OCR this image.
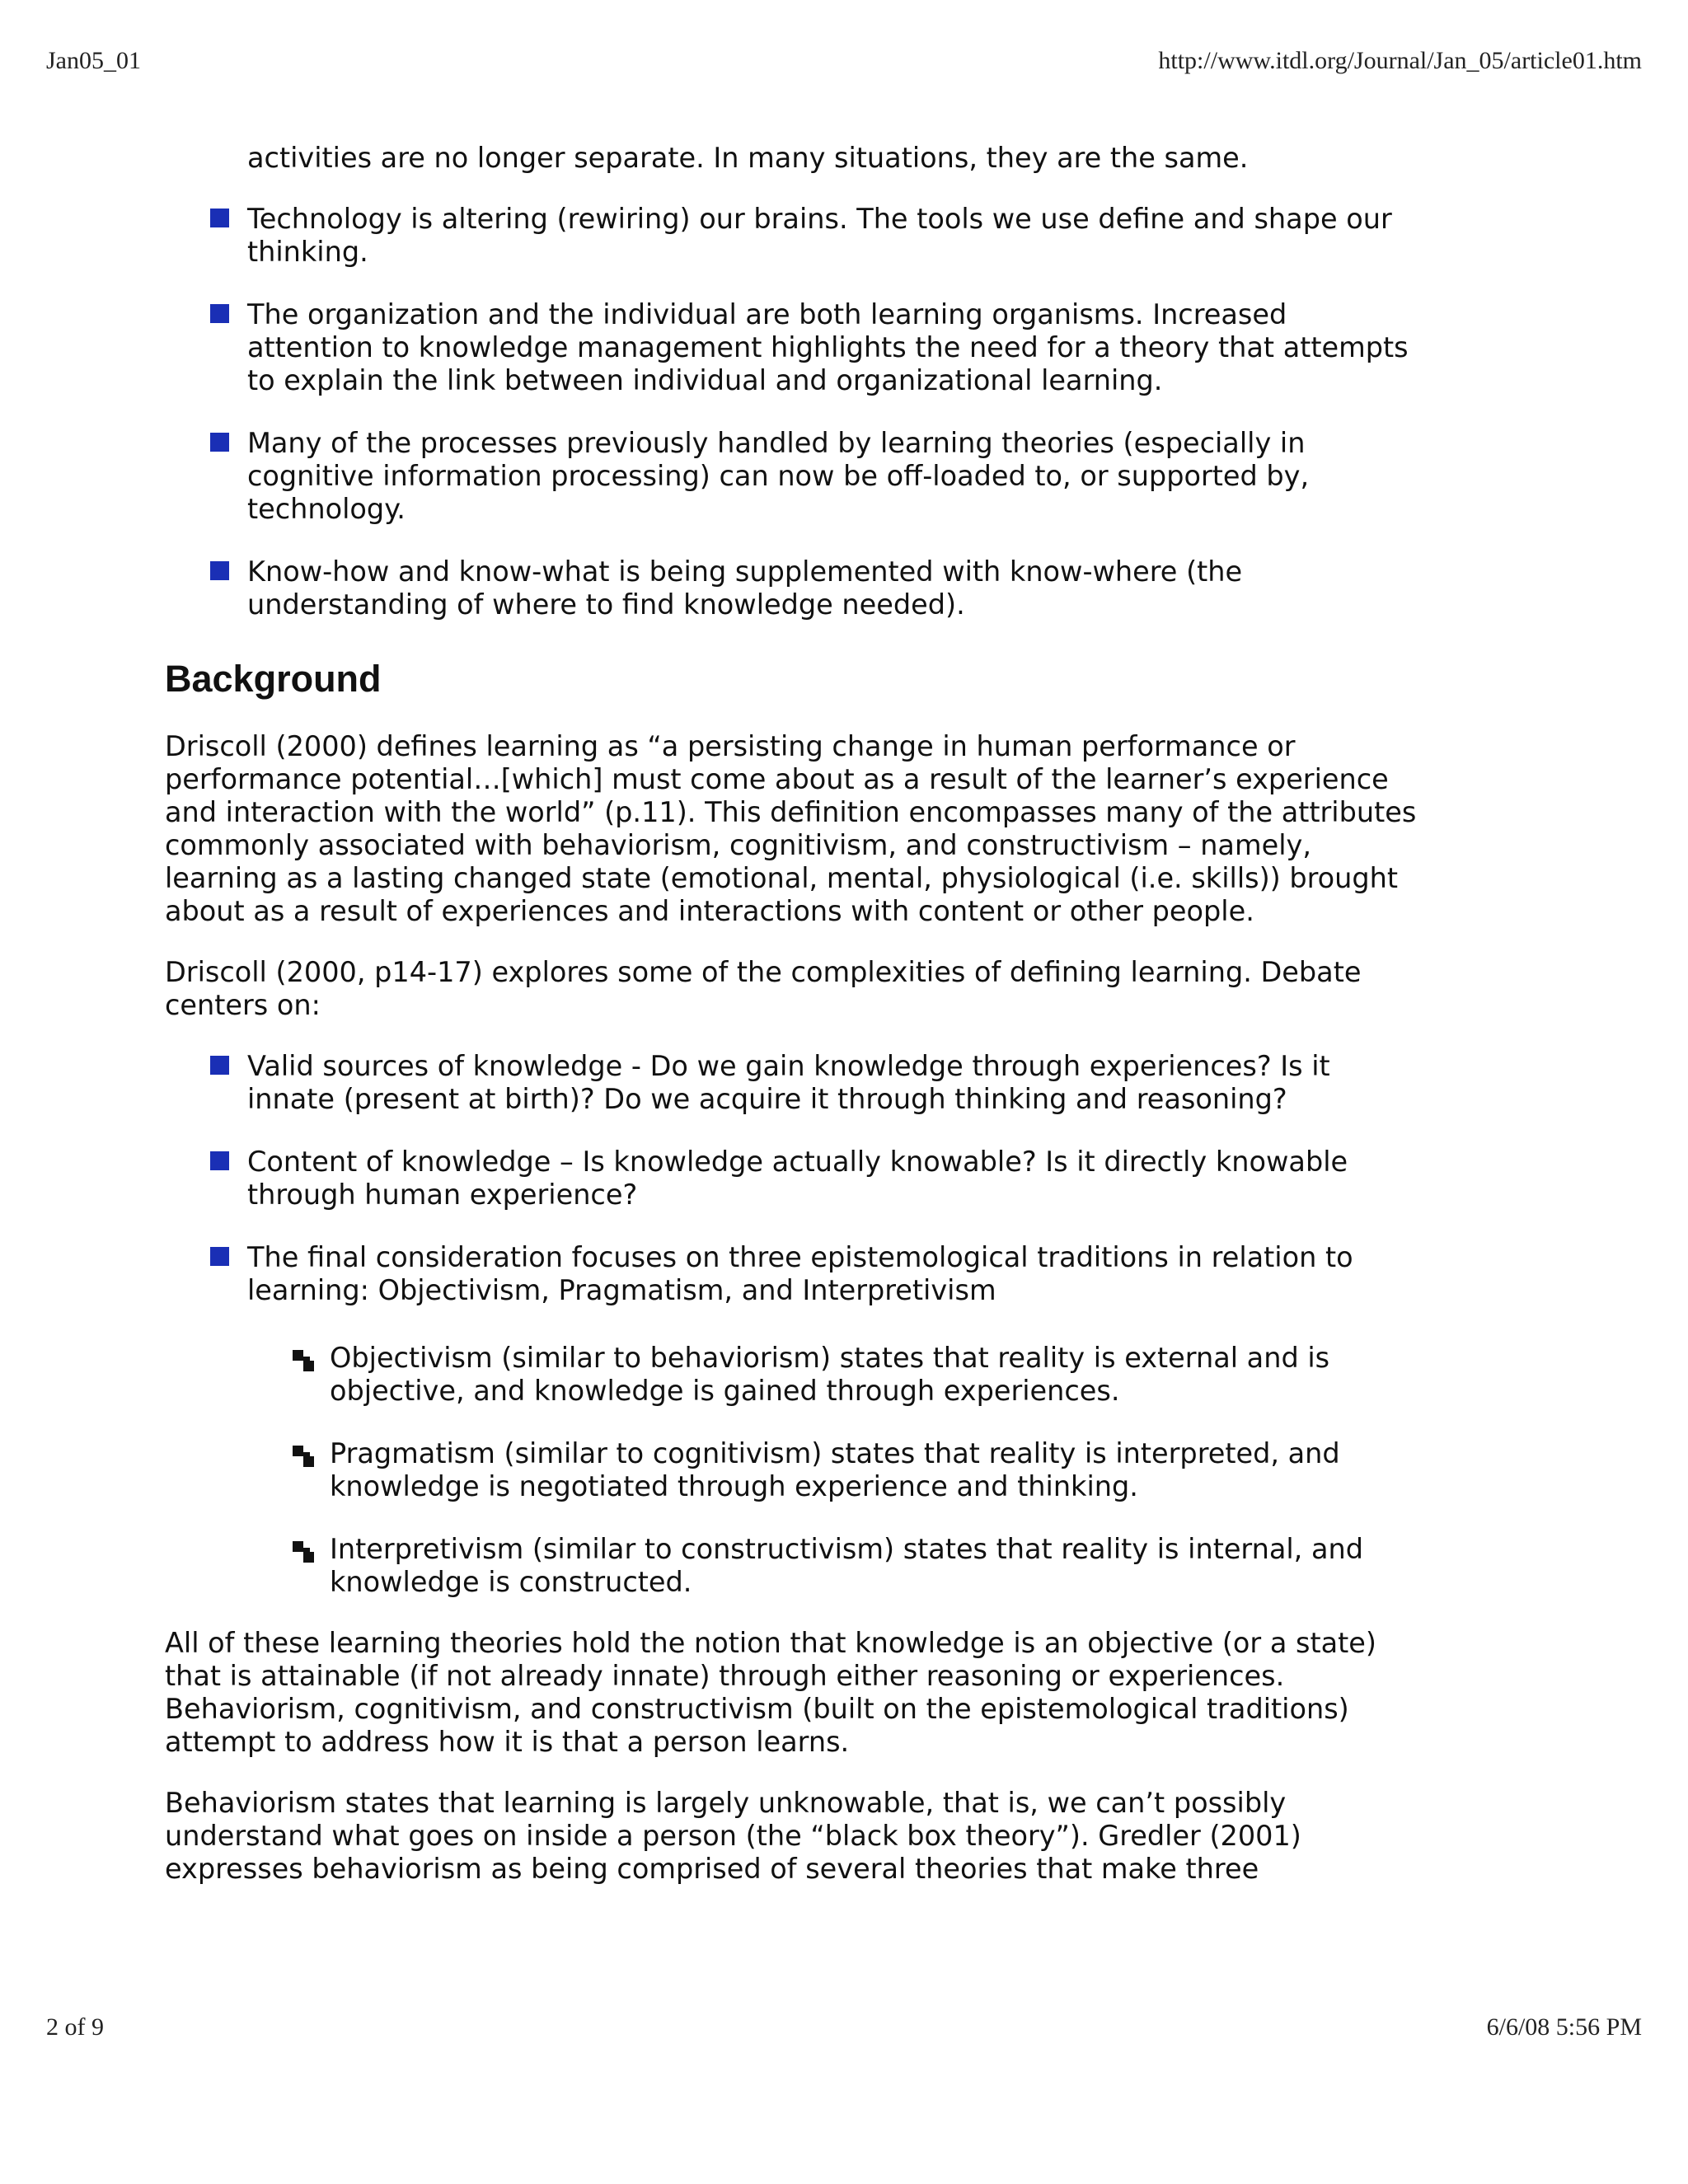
Jan05_01	http://www.itdl.org/Journal/Jan_05/article01.htm
activities are no longer separate. In many situations, they are the same.
Technology is altering (rewiring) our brains. The tools we use define and shape our thinking.
The organization and the individual are both learning organisms. Increased attention to knowledge management highlights the need for a theory that attempts to explain the link between individual and organizational learning.
Many of the processes previously handled by learning theories (especially in cognitive information processing) can now be off-loaded to, or supported by, technology.
Know-how and know-what is being supplemented with know-where (the understanding of where to find knowledge needed).
Background

Driscoll (2000) defines learning as “a persisting change in human performance or performance potential…[which] must come about as a result of the learner’s experience and interaction with the world” (p.11). This definition encompasses many of the attributes commonly associated with behaviorism, cognitivism, and constructivism – namely, learning as a lasting changed state (emotional, mental, physiological (i.e. skills)) brought about as a result of experiences and interactions with content or other people.

Driscoll (2000, p14-17) explores some of the complexities of defining learning. Debate centers on:

Valid sources of knowledge - Do we gain knowledge through experiences? Is it innate (present at birth)? Do we acquire it through thinking and reasoning?
Content of knowledge – Is knowledge actually knowable? Is it directly knowable through human experience?
The final consideration focuses on three epistemological traditions in relation to learning: Objectivism, Pragmatism, and Interpretivism
Objectivism (similar to behaviorism) states that reality is external and is objective, and knowledge is gained through experiences.
Pragmatism (similar to cognitivism) states that reality is interpreted, and knowledge is negotiated through experience and thinking.
Interpretivism (similar to constructivism) states that reality is internal, and knowledge is constructed.

All of these learning theories hold the notion that knowledge is an objective (or a state) that is attainable (if not already innate) through either reasoning or experiences. Behaviorism, cognitivism, and constructivism (built on the epistemological traditions) attempt to address how it is that a person learns.

Behaviorism states that learning is largely unknowable, that is, we can’t possibly understand what goes on inside a person (the “black box theory”). Gredler (2001) expresses behaviorism as being comprised of several theories that make three

2 of 9	6/6/08 5:56 PM
